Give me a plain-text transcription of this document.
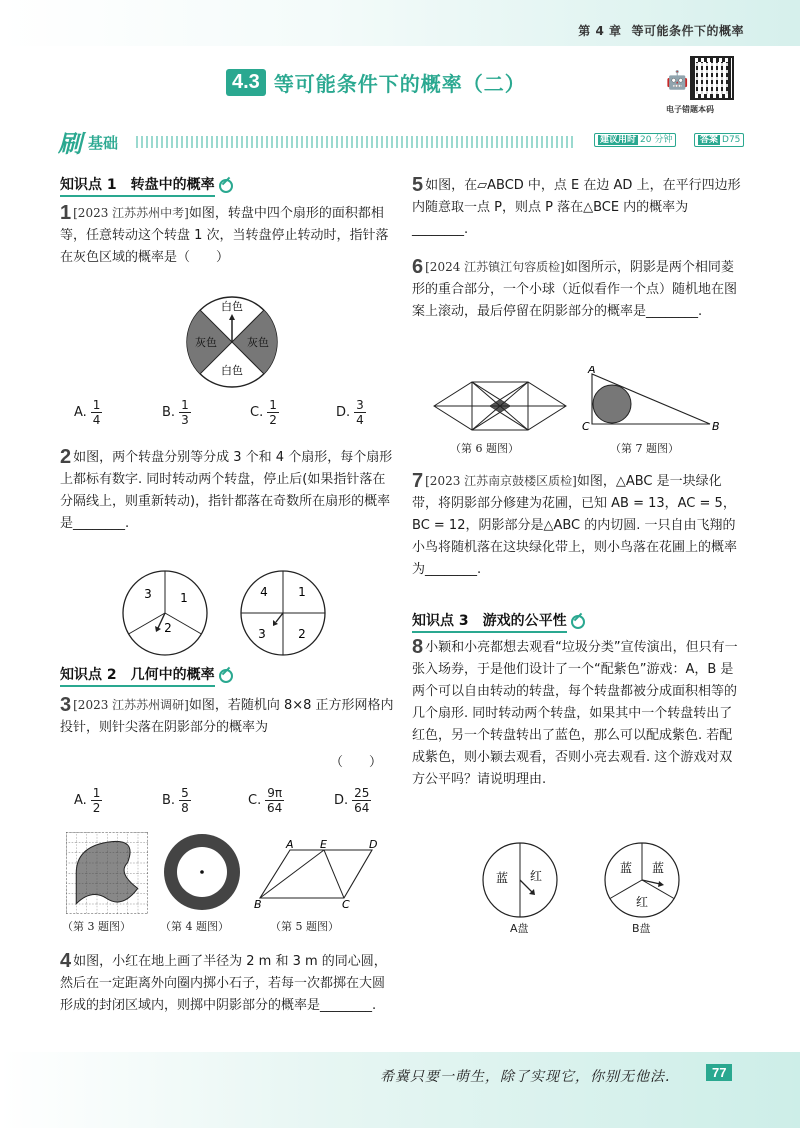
第 4 章 等可能条件下的概率
4.3 等可能条件下的概率（二）	🤖
电子错题本码
刷 基础	建议用时 20 分钟	答案 D75
知识点 1　转盘中的概率
1 [2023 江苏苏州中考]如图，转盘中四个扇形的面积都相等，任意转动这个转盘 1 次，当转盘停止转动时，指针落在灰色区域的概率是（　　）
白色
灰色	灰色
白色
A. $\frac{1}{4}$	B. $\frac{1}{3}$	C. $\frac{1}{2}$	D. $\frac{3}{4}$
2 如图，两个转盘分别等分成 3 个和 4 个扇形，每个扇形上都标有数字. 同时转动两个转盘，停止后(如果指针落在分隔线上，则重新转动)，指针都落在奇数所在扇形的概率是________.
3 1
2
4	1
3	2
知识点 2　几何中的概率
3 [2023 江苏苏州调研]如图，若随机向 8×8 正方形网格内投针，则针尖落在阴影部分的概率为
（　　）
A. $\frac{1}{2}$	B. $\frac{5}{8}$	C. $\frac{9\pi}{64}$	D. $\frac{25}{64}$
A E	D
B	C
（第 3 题图）	（第 4 题图）	（第 5 题图）
4 如图，小红在地上画了半径为 2 m 和 3 m 的同心圆，然后在一定距离外向圈内掷小石子，若每一次都掷在大圆形成的封闭区域内，则掷中阴影部分的概率是________.
5 如图，在▱ABCD 中，点 E 在边 AD 上，在平行四边形内随意取一点 P，则点 P 落在△BCE 内的概率为________.
6 [2024 江苏镇江句容质检]如图所示，阴影是两个相同菱形的重合部分，一个小球（近似看作一个点）随机地在图案上滚动，最后停留在阴影部分的概率是________.
A
C	B
（第 6 题图）	（第 7 题图）
7 [2023 江苏南京鼓楼区质检]如图，△ABC 是一块绿化带，将阴影部分修建为花圃，已知 AB = 13，AC = 5，BC = 12，阴影部分是△ABC 的内切圆. 一只自由飞翔的小鸟将随机落在这块绿化带上，则小鸟落在花圃上的概率为________.
知识点 3　游戏的公平性
8 小颖和小亮都想去观看“垃圾分类”宣传演出，但只有一张入场券，于是他们设计了一个“配紫色”游戏：A，B 是两个可以自由转动的转盘，每个转盘都被分成面积相等的几个扇形. 同时转动两个转盘，如果其中一个转盘转出了红色，另一个转盘转出了蓝色，那么可以配成紫色. 若配成紫色，则小颖去观看，否则小亮去观看. 这个游戏对双方公平吗？请说明理由.
蓝 红
A盘
蓝 蓝
红
B盘
希冀只要一萌生，除了实现它，你别无他法.	77
